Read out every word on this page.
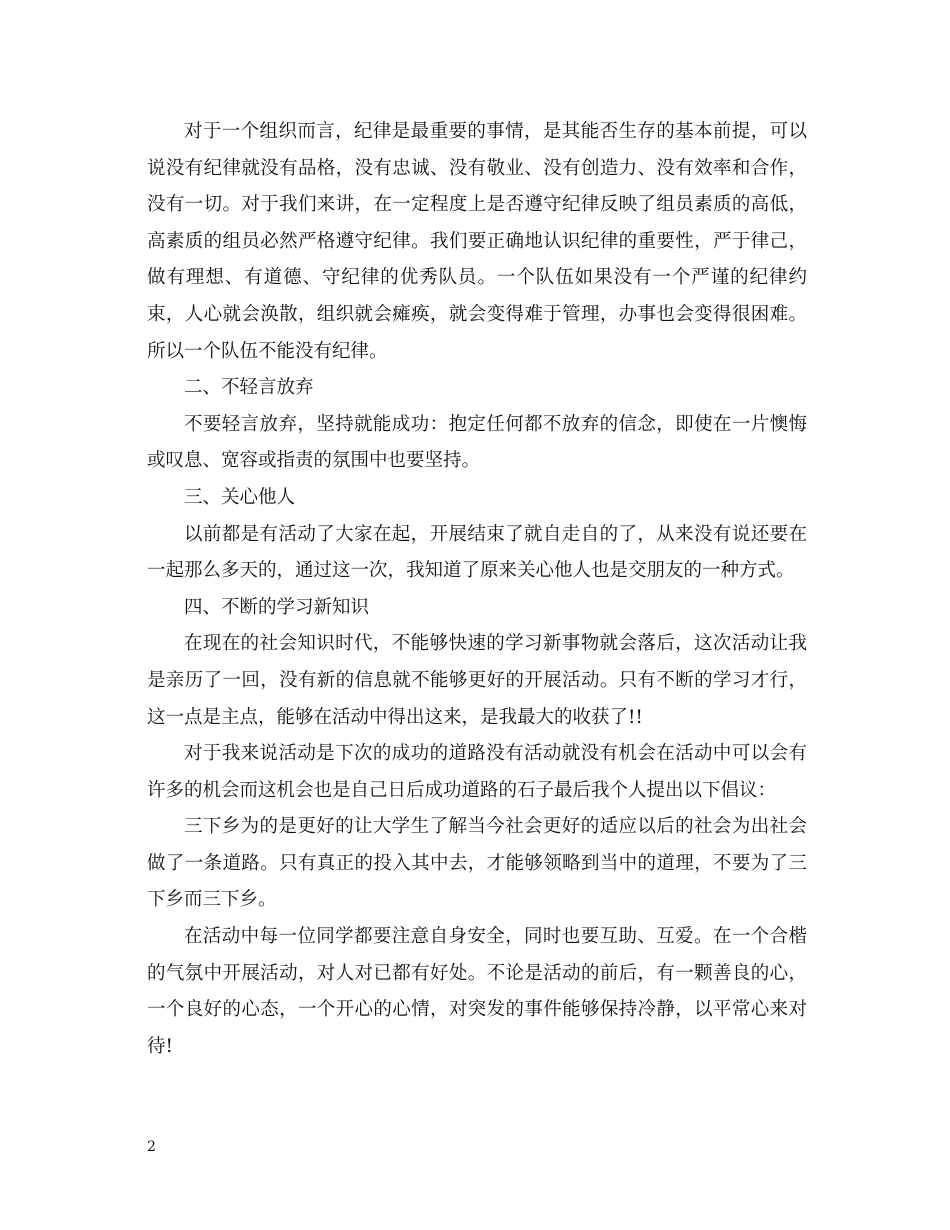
对于一个组织而言，纪律是最重要的事情，是其能否生存的基本前提，可以说没有纪律就没有品格，没有忠诚、没有敬业、没有创造力、没有效率和合作，没有一切。对于我们来讲，在一定程度上是否遵守纪律反映了组员素质的高低，高素质的组员必然严格遵守纪律。我们要正确地认识纪律的重要性，严于律己，做有理想、有道德、守纪律的优秀队员。一个队伍如果没有一个严谨的纪律约束，人心就会涣散，组织就会瘫痪，就会变得难于管理，办事也会变得很困难。所以一个队伍不能没有纪律。

二、不轻言放弃

不要轻言放弃，坚持就能成功：抱定任何都不放弃的信念，即使在一片懊悔或叹息、宽容或指责的氛围中也要坚持。

三、关心他人

以前都是有活动了大家在起，开展结束了就自走自的了，从来没有说还要在一起那么多天的，通过这一次，我知道了原来关心他人也是交朋友的一种方式。

四、不断的学习新知识

在现在的社会知识时代，不能够快速的学习新事物就会落后，这次活动让我是亲历了一回，没有新的信息就不能够更好的开展活动。只有不断的学习才行，这一点是主点，能够在活动中得出这来，是我最大的收获了!!

对于我来说活动是下次的成功的道路没有活动就没有机会在活动中可以会有许多的机会而这机会也是自己日后成功道路的石子最后我个人提出以下倡议：

三下乡为的是更好的让大学生了解当今社会更好的适应以后的社会为出社会做了一条道路。只有真正的投入其中去，才能够领略到当中的道理，不要为了三下乡而三下乡。

在活动中每一位同学都要注意自身安全，同时也要互助、互爱。在一个合楷的气氛中开展活动，对人对已都有好处。不论是活动的前后，有一颗善良的心，一个良好的心态，一个开心的心情，对突发的事件能够保持冷静，以平常心来对待!

2
